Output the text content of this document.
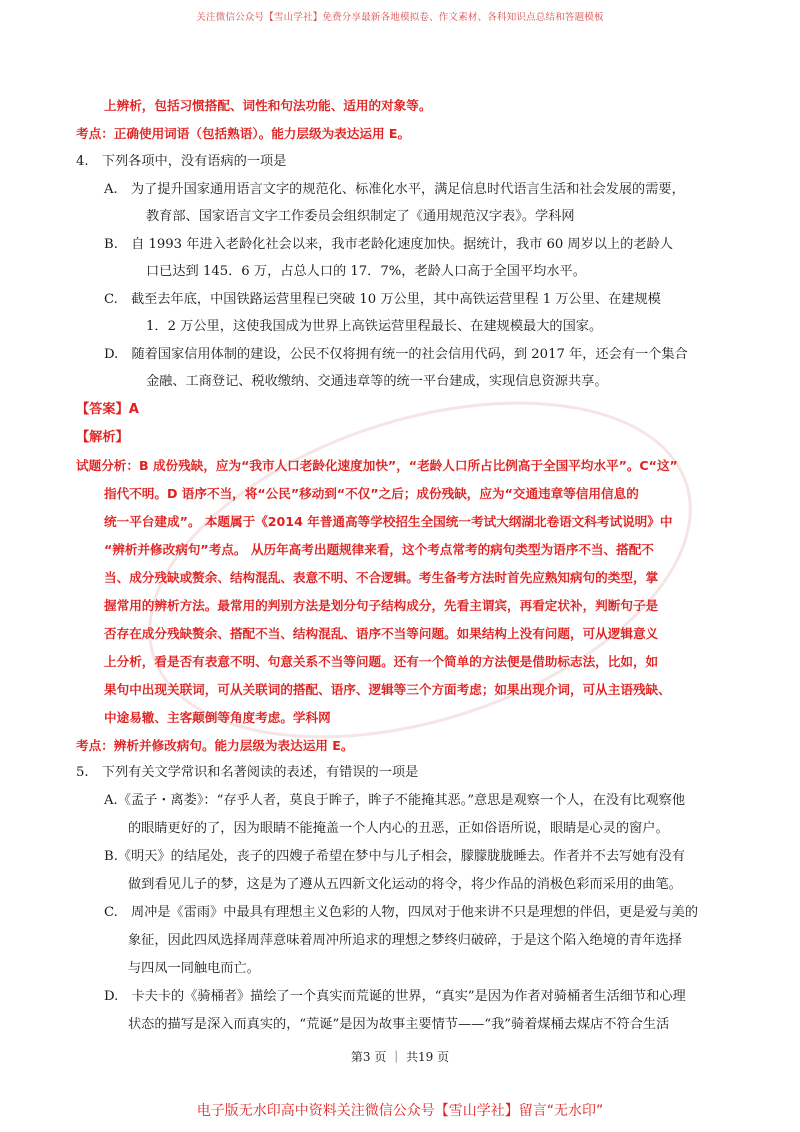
关注微信公众号【雪山学社】免费分享最新各地模拟卷、作文素材、各科知识点总结和答题模板
上辨析，包括习惯搭配、词性和句法功能、适用的对象等。
考点：正确使用词语（包括熟语）。能力层级为表达运用 E。
4.　下列各项中，没有语病的一项是
A.　为了提升国家通用语言文字的规范化、标准化水平，满足信息时代语言生活和社会发展的需要，
教育部、国家语言文字工作委员会组织制定了《通用规范汉字表》。学科网
B.　自 1993 年进入老龄化社会以来，我市老龄化速度加快。据统计，我市 60 周岁以上的老龄人
口已达到 145．6 万，占总人口的 17．7%，老龄人口高于全国平均水平。
C.　截至去年底，中国铁路运营里程已突破 10 万公里，其中高铁运营里程 1 万公里、在建规模
1．2 万公里，这使我国成为世界上高铁运营里程最长、在建规模最大的国家。
D.　随着国家信用体制的建设，公民不仅将拥有统一的社会信用代码，到 2017 年，还会有一个集合
金融、工商登记、税收缴纳、交通违章等的统一平台建成，实现信息资源共享。
【答案】A
【解析】
试题分析：B 成份残缺，应为“我市人口老龄化速度加快”，“老龄人口所占比例高于全国平均水平”。C“这”
指代不明。D 语序不当，将“公民”移动到“不仅”之后；成份残缺，应为“交通违章等信用信息的
统一平台建成”。 本题属于《2014 年普通高等学校招生全国统一考试大纲湖北卷语文科考试说明》中
“辨析并修改病句”考点。 从历年高考出题规律来看，这个考点常考的病句类型为语序不当、搭配不
当、成分残缺或赘余、结构混乱、表意不明、不合逻辑。考生备考方法时首先应熟知病句的类型，掌
握常用的辨析方法。最常用的判别方法是划分句子结构成分，先看主谓宾，再看定状补，判断句子是
否存在成分残缺赘余、搭配不当、结构混乱、语序不当等问题。如果结构上没有问题，可从逻辑意义
上分析，看是否有表意不明、句意关系不当等问题。还有一个简单的方法便是借助标志法，比如，如
果句中出现关联词，可从关联词的搭配、语序、逻辑等三个方面考虑；如果出现介词，可从主语残缺、
中途易辙、主客颠倒等角度考虑。学科网
考点：辨析并修改病句。能力层级为表达运用 E。
5.　下列有关文学常识和名著阅读的表述，有错误的一项是
A.《孟子・离娄》：“存乎人者，莫良于眸子，眸子不能掩其恶。”意思是观察一个人，在没有比观察他
的眼睛更好的了，因为眼睛不能掩盖一个人内心的丑恶，正如俗语所说，眼睛是心灵的窗户。
B.《明天》的结尾处，丧子的四嫂子希望在梦中与儿子相会，朦朦胧胧睡去。作者并不去写她有没有
做到看见儿子的梦，这是为了遵从五四新文化运动的将令，将少作品的消极色彩而采用的曲笔。
C.　周冲是《雷雨》中最具有理想主义色彩的人物，四凤对于他来讲不只是理想的伴侣，更是爱与美的
象征，因此四凤选择周萍意味着周冲所追求的理想之梦终归破碎，于是这个陷入绝境的青年选择
与四凤一同触电而亡。
D.　卡夫卡的《骑桶者》描绘了一个真实而荒诞的世界，“真实”是因为作者对骑桶者生活细节和心理
状态的描写是深入而真实的，“荒诞”是因为故事主要情节——“我”骑着煤桶去煤店不符合生活
第3 页 ｜ 共19 页
电子版无水印高中资料关注微信公众号【雪山学社】留言“无水印”
